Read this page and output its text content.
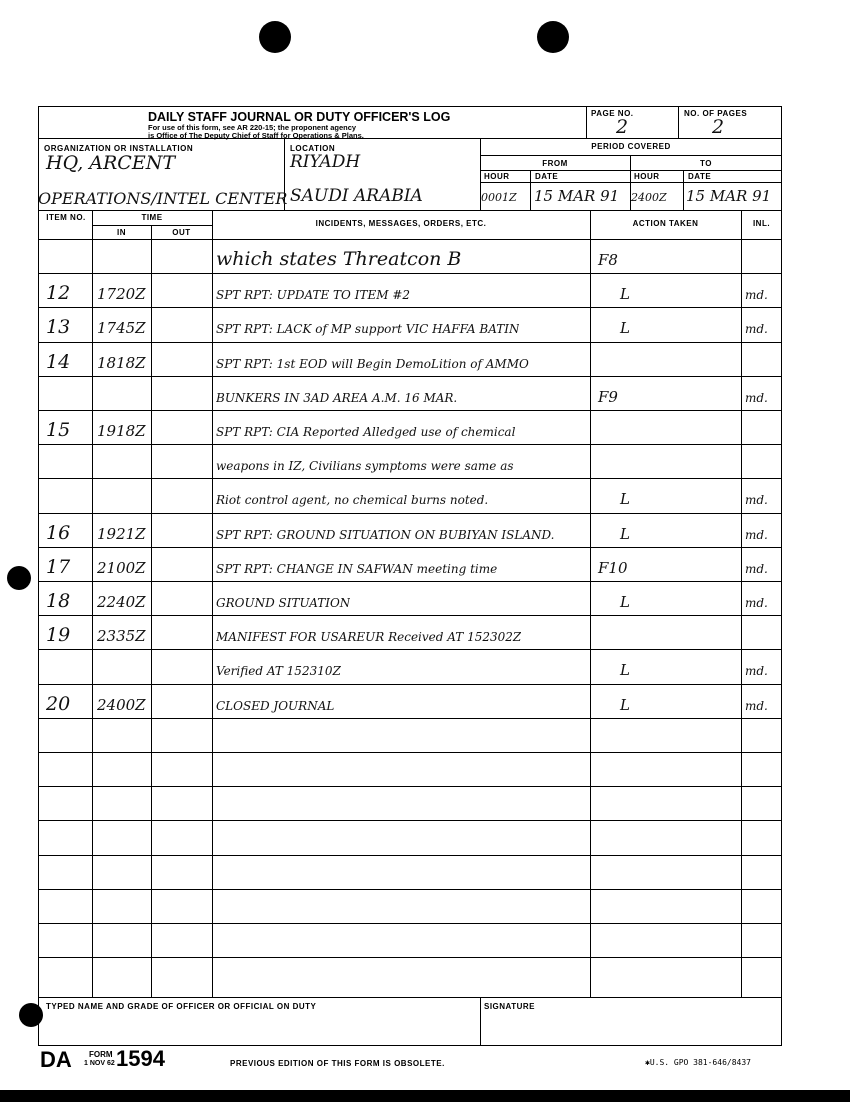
DAILY STAFF JOURNAL OR DUTY OFFICER'S LOG
For use of this form, see AR 220-15; the proponent agency
is Office of The Deputy Chief of Staff for Operations & Plans.
PAGE NO.
2
NO. OF PAGES
2
ORGANIZATION OR INSTALLATION
HQ, ARCENT
OPERATIONS/INTEL CENTER
LOCATION
RIYADH
SAUDI ARABIA
PERIOD COVERED
FROM	TO
HOUR	DATE	HOUR	DATE
0001Z 15 MAR 91 2400Z 15 MAR 91
ITEM NO.	TIME
IN	OUT
INCIDENTS, MESSAGES, ORDERS, ETC.	ACTION TAKEN	INL.
which states Threatcon B	F8
12 1720Z	SPT RPT: UPDATE TO ITEM #2	L	md.
13 1745Z	SPT RPT: LACK of MP support VIC HAFFA BATIN	L	md.
14 1818Z	SPT RPT: 1st EOD will Begin DemoLition of AMMO
BUNKERS IN 3AD AREA A.M. 16 MAR.	F9	md.
15 1918Z	SPT RPT: CIA Reported Alledged use of chemical
weapons in IZ, Civilians symptoms were same as
Riot control agent, no chemical burns noted.	L	md.
16 1921Z	SPT RPT: GROUND SITUATION ON BUBIYAN ISLAND.	L	md.
17 2100Z	SPT RPT: CHANGE IN SAFWAN meeting time	F10	md.
18 2240Z	GROUND SITUATION	L	md.
19 2335Z	MANIFEST FOR USAREUR Received AT 152302Z
Verified AT 152310Z	L	md.
20 2400Z	CLOSED JOURNAL	L	md.
TYPED NAME AND GRADE OF OFFICER OR OFFICIAL ON DUTY	SIGNATURE
DA FORM
1 NOV 62 1594	PREVIOUS EDITION OF THIS FORM IS OBSOLETE.	✱U.S. GPO 381-646/8437
